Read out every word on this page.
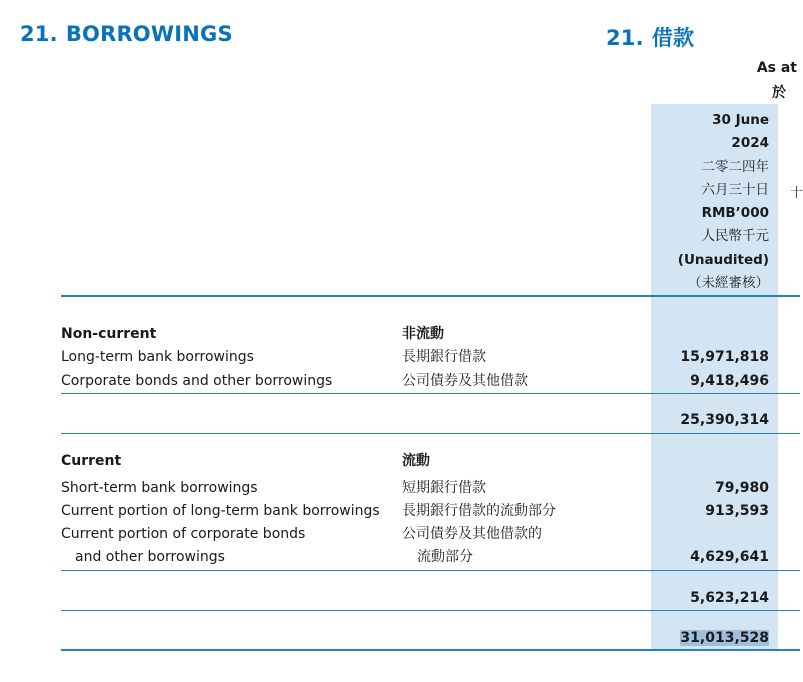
21. BORROWINGS	21. 借款
As at
於
30 June
2024
二零二四年
六月三十日
RMB’000
人民幣千元
(Unaudited)
（未經審核）
十
Non-current	非流動
Long-term bank borrowings	長期銀行借款	15,971,818
Corporate bonds and other borrowings	公司債券及其他借款	9,418,496
25,390,314
Current	流動
Short-term bank borrowings	短期銀行借款	79,980
Current portion of long-term bank borrowings 長期銀行借款的流動部分	913,593
Current portion of corporate bonds	公司債券及其他借款的
and other borrowings	流動部分	4,629,641
5,623,214
31,013,528
